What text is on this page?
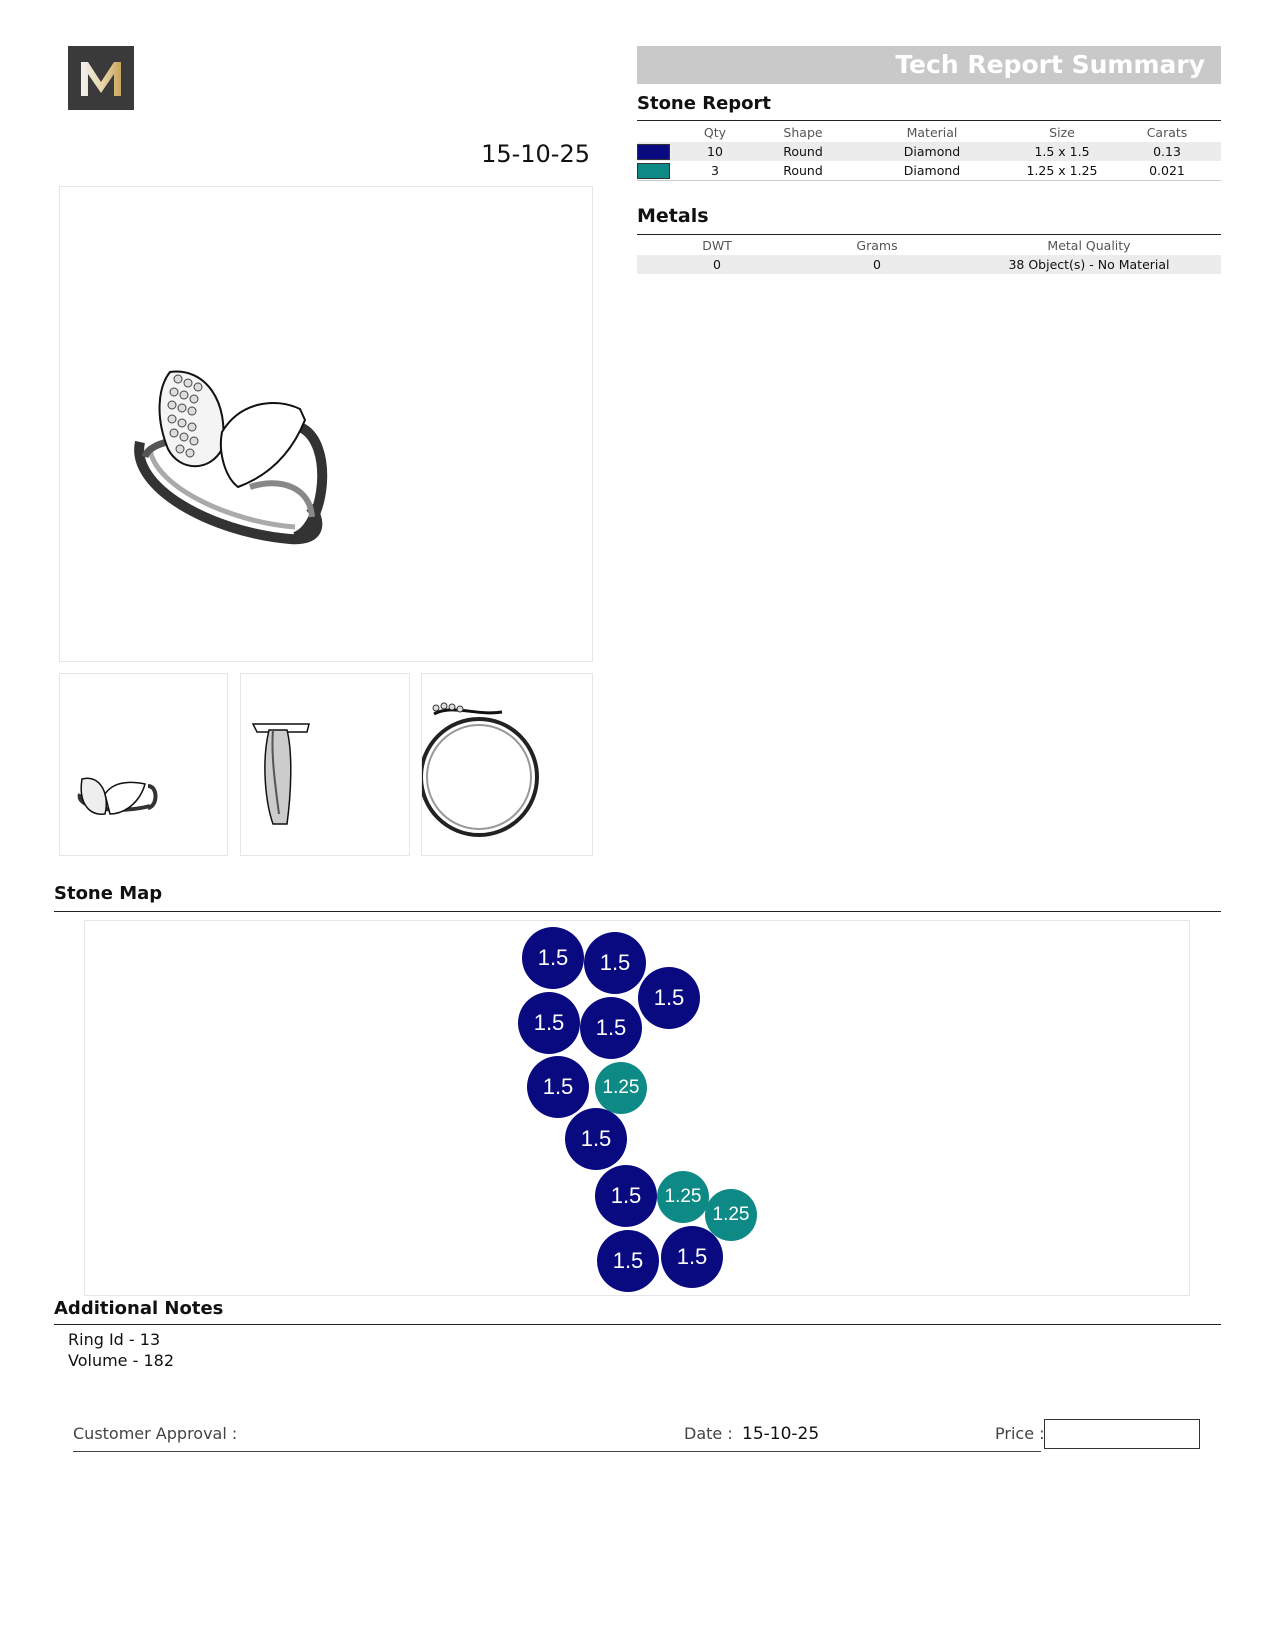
15-10-25
Tech Report Summary
Stone Report
	Qty	Shape	Material	Size	Carats
	10	Round	Diamond	1.5 x 1.5	0.13
	3	Round	Diamond	1.25 x 1.25	0.021
Metals
DWT	Grams	Metal Quality
0	0	38 Object(s) - No Material
Stone Map
1.5	1.5
1.5
1.5	1.5
1.5	1.25
1.5
1.5	1.25
1.25
1.5	1.5
Additional Notes
Ring Id - 13
Volume - 182
Customer Approval :	Date : 15-10-25	Price :
